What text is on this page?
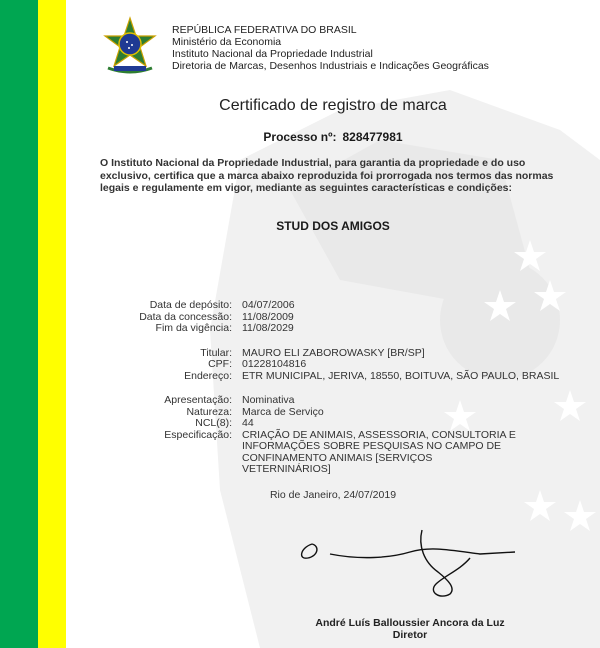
REPÚBLICA FEDERATIVA DO BRASIL
Ministério da Economia
Instituto Nacional da Propriedade Industrial
Diretoria de Marcas, Desenhos Industriais e Indicações Geográficas
Certificado de registro de marca
Processo nº: 828477981
O Instituto Nacional da Propriedade Industrial, para garantia da propriedade e do uso exclusivo, certifica que a marca abaixo reproduzida foi prorrogada nos termos das normas legais e regulamente em vigor, mediante as seguintes características e condições:
STUD DOS AMIGOS
Data de depósito: 04/07/2006
Data da concessão: 11/08/2009
Fim da vigência: 11/08/2029
Titular: MAURO ELI ZABOROWASKY [BR/SP]
CPF: 01228104816
Endereço: ETR MUNICIPAL, JERIVA, 18550, BOITUVA, SÃO PAULO, BRASIL
Apresentação: Nominativa
Natureza: Marca de Serviço
NCL(8): 44
Especificação: CRIAÇÃO DE ANIMAIS, ASSESSORIA, CONSULTORIA E INFORMAÇÕES SOBRE PESQUISAS NO CAMPO DE CONFINAMENTO ANIMAIS [SERVIÇOS VETERNINÁRIOS]
Rio de Janeiro, 24/07/2019
André Luís Balloussier Ancora da Luz
Diretor
